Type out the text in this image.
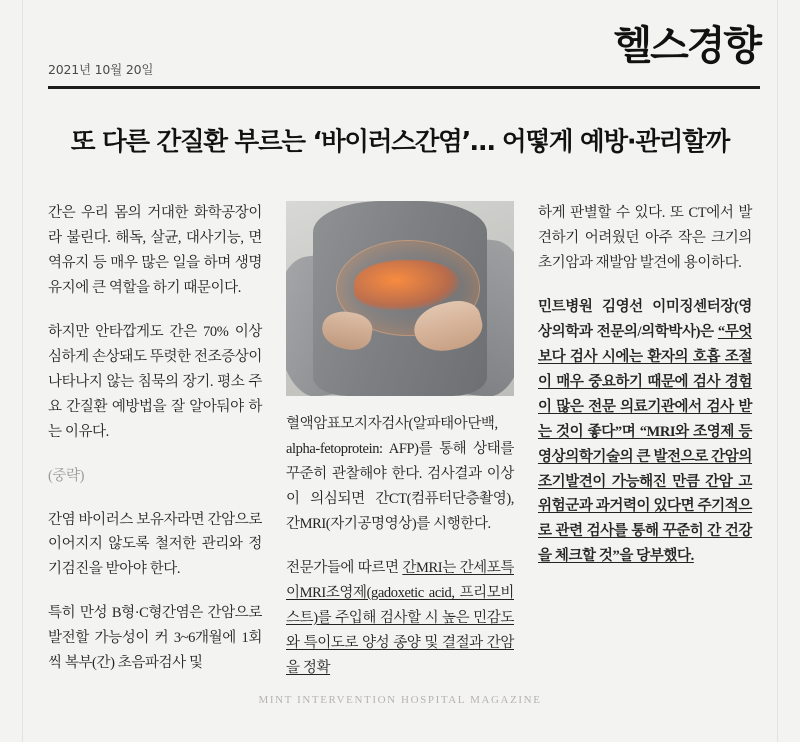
헬스경향
2021년 10월 20일
또 다른 간질환 부르는 ‘바이러스간염’… 어떻게 예방·관리할까

간은 우리 몸의 거대한 화학공장이라 불린다. 해독, 살균, 대사기능, 면역유지 등 매우 많은 일을 하며 생명 유지에 큰 역할을 하기 때문이다.

하지만 안타깝게도 간은 70% 이상 심하게 손상돼도 뚜렷한 전조증상이 나타나지 않는 침묵의 장기. 평소 주요 간질환 예방법을 잘 알아둬야 하는 이유다.

(중략)

간염 바이러스 보유자라면 간암으로 이어지지 않도록 철저한 관리와 정기검진을 받아야 한다.

특히 만성 B형·C형간염은 간암으로 발전할 가능성이 커 3~6개월에 1회씩 복부(간) 초음파검사 및

혈액암표모지자검사(알파태아단백, alpha-fetoprotein: AFP)를 통해 상태를 꾸준히 관찰해야 한다. 검사결과 이상이 의심되면 간CT(컴퓨터단층촬영), 간MRI(자기공명영상)를 시행한다.

전문가들에 따르면 간MRI는 간세포특이MRI조영제(gadoxetic acid, 프리모비스트)를 주입해 검사할 시 높은 민감도와 특이도로 양성 종양 및 결절과 간암을 정확

하게 판별할 수 있다. 또 CT에서 발견하기 어려웠던 아주 작은 크기의 초기암과 재발암 발견에 용이하다.

민트병원 김영선 이미징센터장(영상의학과 전문의/의학박사)은 “무엇보다 검사 시에는 환자의 호흡 조절이 매우 중요하기 때문에 검사 경험이 많은 전문 의료기관에서 검사 받는 것이 좋다”며 “MRI와 조영제 등 영상의학기술의 큰 발전으로 간암의 조기발견이 가능해진 만큼 간암 고위험군과 과거력이 있다면 주기적으로 관련 검사를 통해 꾸준히 간 건강을 체크할 것”을 당부했다.

MINT INTERVENTION HOSPITAL MAGAZINE
